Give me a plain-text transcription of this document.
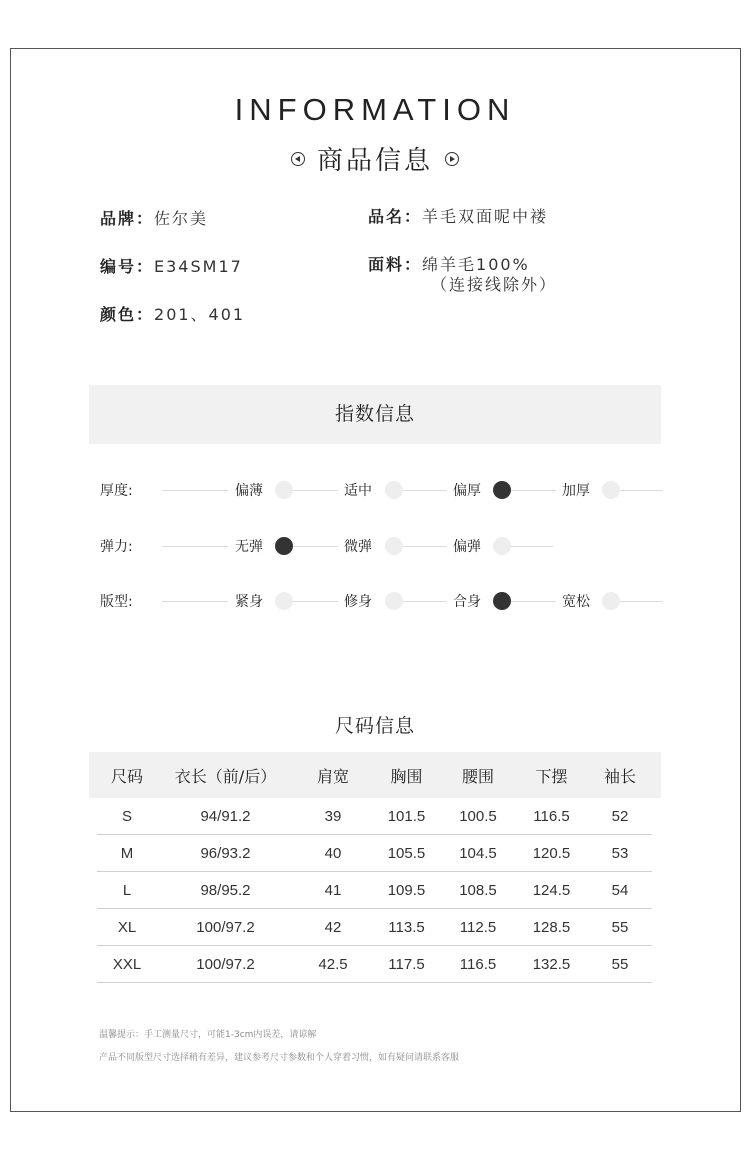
INFORMATION
商品信息
品牌：佐尔美	品名：羊毛双面呢中褛
编号：E34SM17	面料：绵羊毛100%
（连接线除外）
颜色：201、401
指数信息
厚度:	偏薄	适中	偏厚	加厚
弹力:	无弹	微弹	偏弹
版型:	紧身	修身	合身	宽松
尺码信息
	尺码	衣长（前/后）	肩宽	胸围	腰围	下摆	袖长	
	S	94/91.2	39	101.5	100.5	116.5	52	
	M	96/93.2	40	105.5	104.5	120.5	53	
	L	98/95.2	41	109.5	108.5	124.5	54	
	XL	100/97.2	42	113.5	112.5	128.5	55	
	XXL	100/97.2	42.5	117.5	116.5	132.5	55	
温馨提示：手工测量尺寸，可能1-3cm内误差，请谅解
产品不同版型尺寸选择稍有差异，建议参考尺寸参数和个人穿着习惯，如有疑问请联系客服
